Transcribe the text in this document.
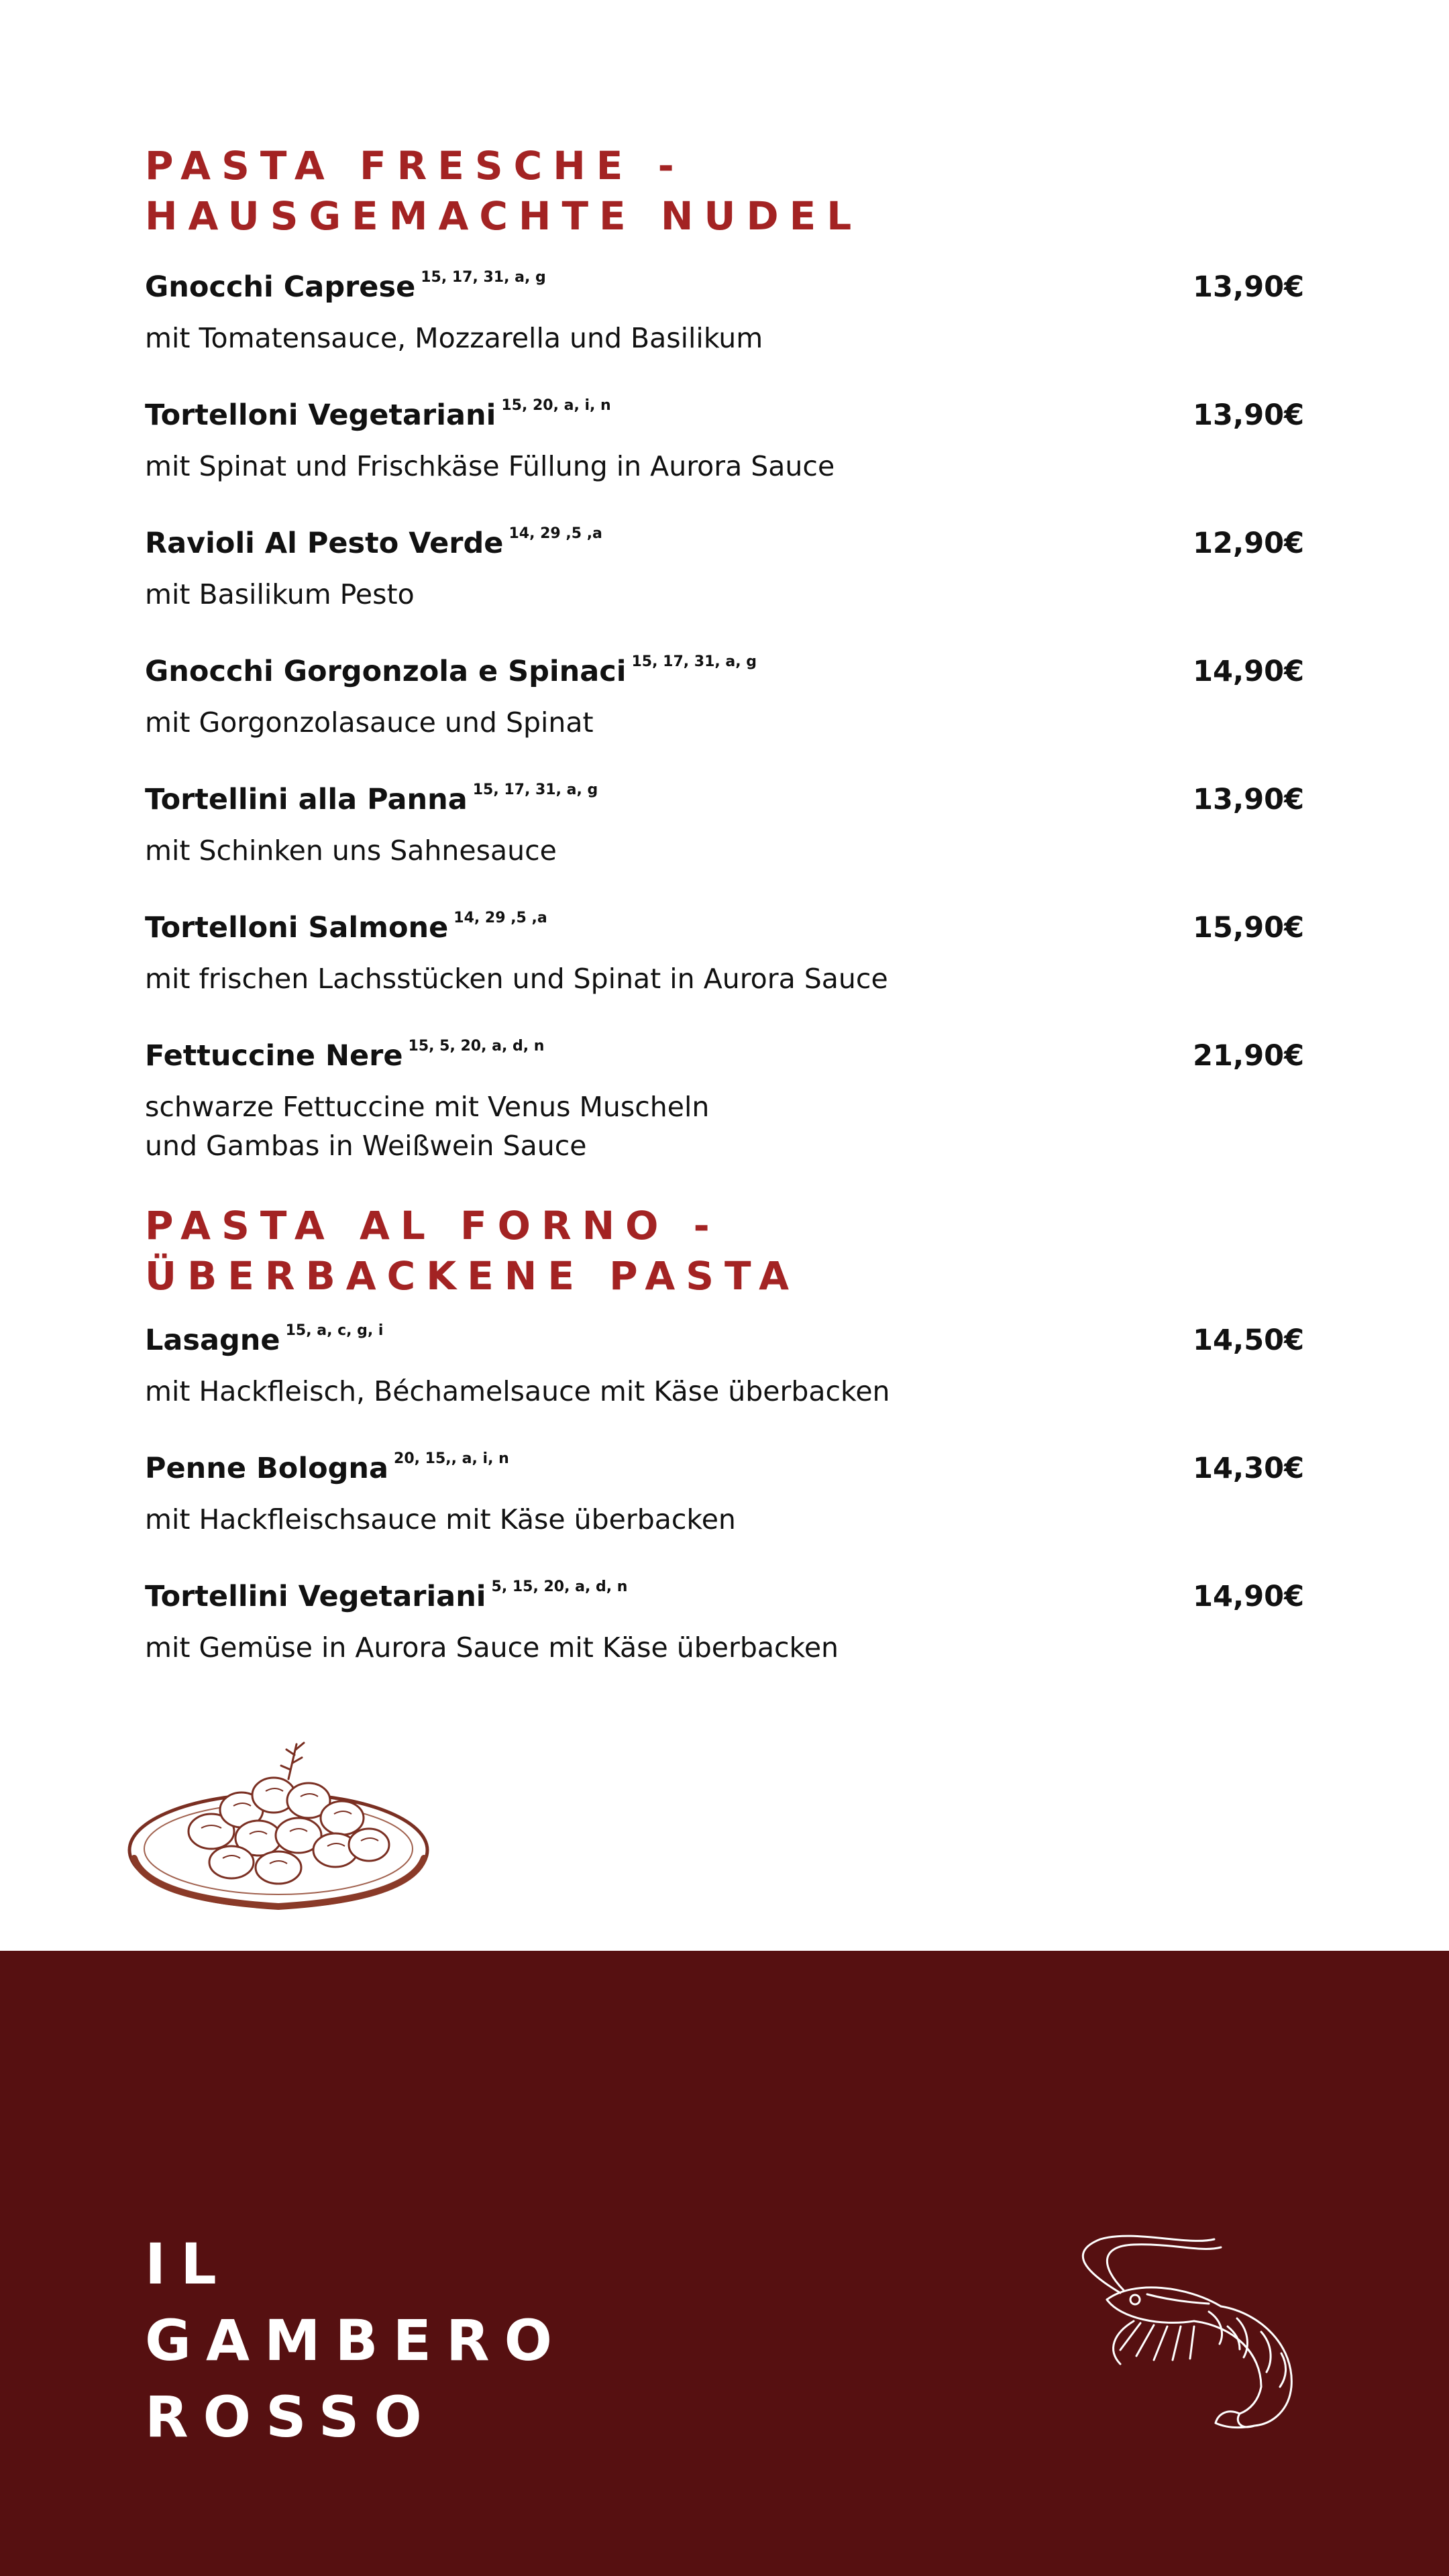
PASTA FRESCHE -
HAUSGEMACHTE NUDEL
Gnocchi Caprese $^{15, 17, 31, a, g}$	13,90€
mit Tomatensauce, Mozzarella und Basilikum
Tortelloni Vegetariani $^{15, 20, a, i, n}$	13,90€
mit Spinat und Frischkäse Füllung in Aurora Sauce
Ravioli Al Pesto Verde $^{14, 29 ,5 ,a}$	12,90€
mit Basilikum Pesto
Gnocchi Gorgonzola e Spinaci $^{15, 17, 31, a, g}$	14,90€
mit Gorgonzolasauce und Spinat
Tortellini alla Panna $^{15, 17, 31, a, g}$	13,90€
mit Schinken uns Sahnesauce
Tortelloni Salmone $^{14, 29 ,5 ,a}$	15,90€
mit frischen Lachsstücken und Spinat in Aurora Sauce
Fettuccine Nere $^{15, 5, 20, a, d, n}$	21,90€
schwarze Fettuccine mit Venus Muscheln
und Gambas in Weißwein Sauce
PASTA AL FORNO -
ÜBERBACKENE PASTA
Lasagne $^{15, a, c, g, i}$	14,50€
mit Hackfleisch, Béchamelsauce mit Käse überbacken
Penne Bologna $^{20, 15,, a, i, n}$	14,30€
mit Hackfleischsauce mit Käse überbacken
Tortellini Vegetariani $^{5, 15, 20, a, d, n}$	14,90€
mit Gemüse in Aurora Sauce mit Käse überbacken
IL
GAMBERO
ROSSO
